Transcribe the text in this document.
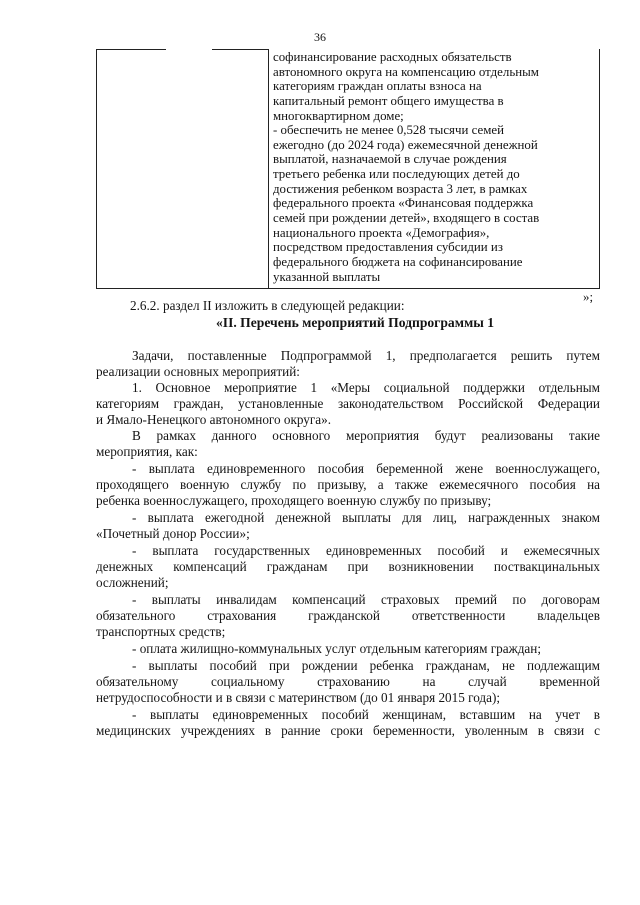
36
софинансирование расходных обязательств
автономного округа на компенсацию отдельным
категориям граждан оплаты взноса на
капитальный ремонт общего имущества в
многоквартирном доме;
- обеспечить не менее 0,528 тысячи семей
ежегодно (до 2024 года) ежемесячной денежной
выплатой, назначаемой в случае рождения
третьего ребенка или последующих детей до
достижения ребенком возраста 3 лет, в рамках
федерального проекта «Финансовая поддержка
семей при рождении детей», входящего в состав
национального проекта «Демография»,
посредством предоставления субсидии из
федерального бюджета на софинансирование
указанной выплаты
»;
2.6.2. раздел II изложить в следующей редакции:
«II. Перечень мероприятий Подпрограммы 1
Задачи, поставленные Подпрограммой 1, предполагается решить путем
реализации основных мероприятий:
1. Основное мероприятие 1 «Меры социальной поддержки отдельным
категориям граждан, установленные законодательством Российской Федерации
и Ямало-Ненецкого автономного округа».
В рамках данного основного мероприятия будут реализованы такие
мероприятия, как:
- выплата единовременного пособия беременной жене военнослужащего,
проходящего военную службу по призыву, а также ежемесячного пособия на
ребенка военнослужащего, проходящего военную службу по призыву;
- выплата ежегодной денежной выплаты для лиц, награжденных знаком
«Почетный донор России»;
- выплата государственных единовременных пособий и ежемесячных
денежных компенсаций гражданам при возникновении поствакцинальных
осложнений;
- выплаты инвалидам компенсаций страховых премий по договорам
обязательного страхования гражданской ответственности владельцев
транспортных средств;
- оплата жилищно-коммунальных услуг отдельным категориям граждан;
- выплаты пособий при рождении ребенка гражданам, не подлежащим
обязательному социальному страхованию на случай временной
нетрудоспособности и в связи с материнством (до 01 января 2015 года);
- выплаты единовременных пособий женщинам, вставшим на учет в
медицинских учреждениях в ранние сроки беременности, уволенным в связи с
